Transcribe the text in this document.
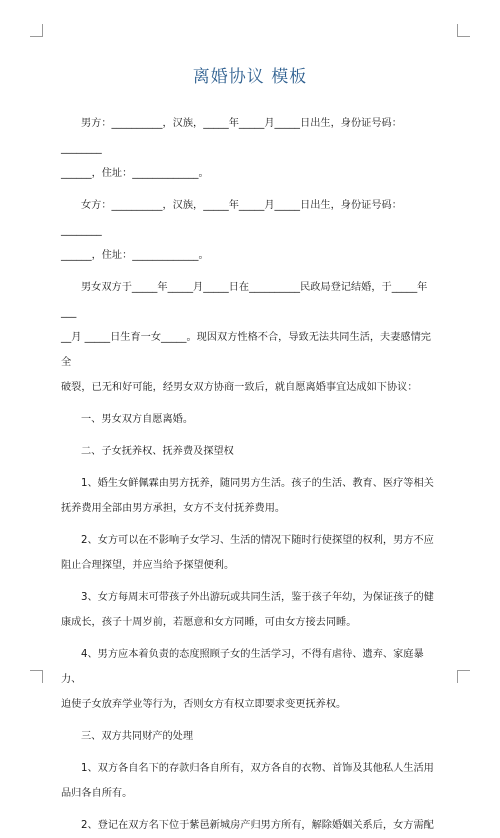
离婚协议 模板

男方：__________，汉族，_____年_____月_____日出生，身份证号码：________

______，住址：_____________。

女方：__________，汉族，_____年_____月_____日出生，身份证号码：________

______，住址：_____________。

男女双方于_____年_____月_____日在__________民政局登记结婚，于_____年___

__月 _____日生育一女_____。现因双方性格不合，导致无法共同生活，夫妻感情完全

破裂，已无和好可能，经男女双方协商一致后，就自愿离婚事宜达成如下协议：

一、男女双方自愿离婚。

二、子女抚养权、抚养费及探望权

1、婚生女鲜佩霖由男方抚养，随同男方生活。孩子的生活、教育、医疗等相关

抚养费用全部由男方承担，女方不支付抚养费用。

2、女方可以在不影响子女学习、生活的情况下随时行使探望的权利，男方不应

阻止合理探望，并应当给予探望便利。

3、女方每周末可带孩子外出游玩或共同生活，鉴于孩子年幼，为保证孩子的健

康成长，孩子十周岁前，若愿意和女方同睡，可由女方接去同睡。

4、男方应本着负责的态度照顾子女的生活学习，不得有虐待、遗弃、家庭暴力、

迫使子女放弃学业等行为，否则女方有权立即要求变更抚养权。

三、双方共同财产的处理

1、双方各自名下的存款归各自所有，双方各自的衣物、首饰及其他私人生活用

品归各自所有。

2、登记在双方名下位于紫邑新城房产归男方所有，解除婚姻关系后，女方需配
